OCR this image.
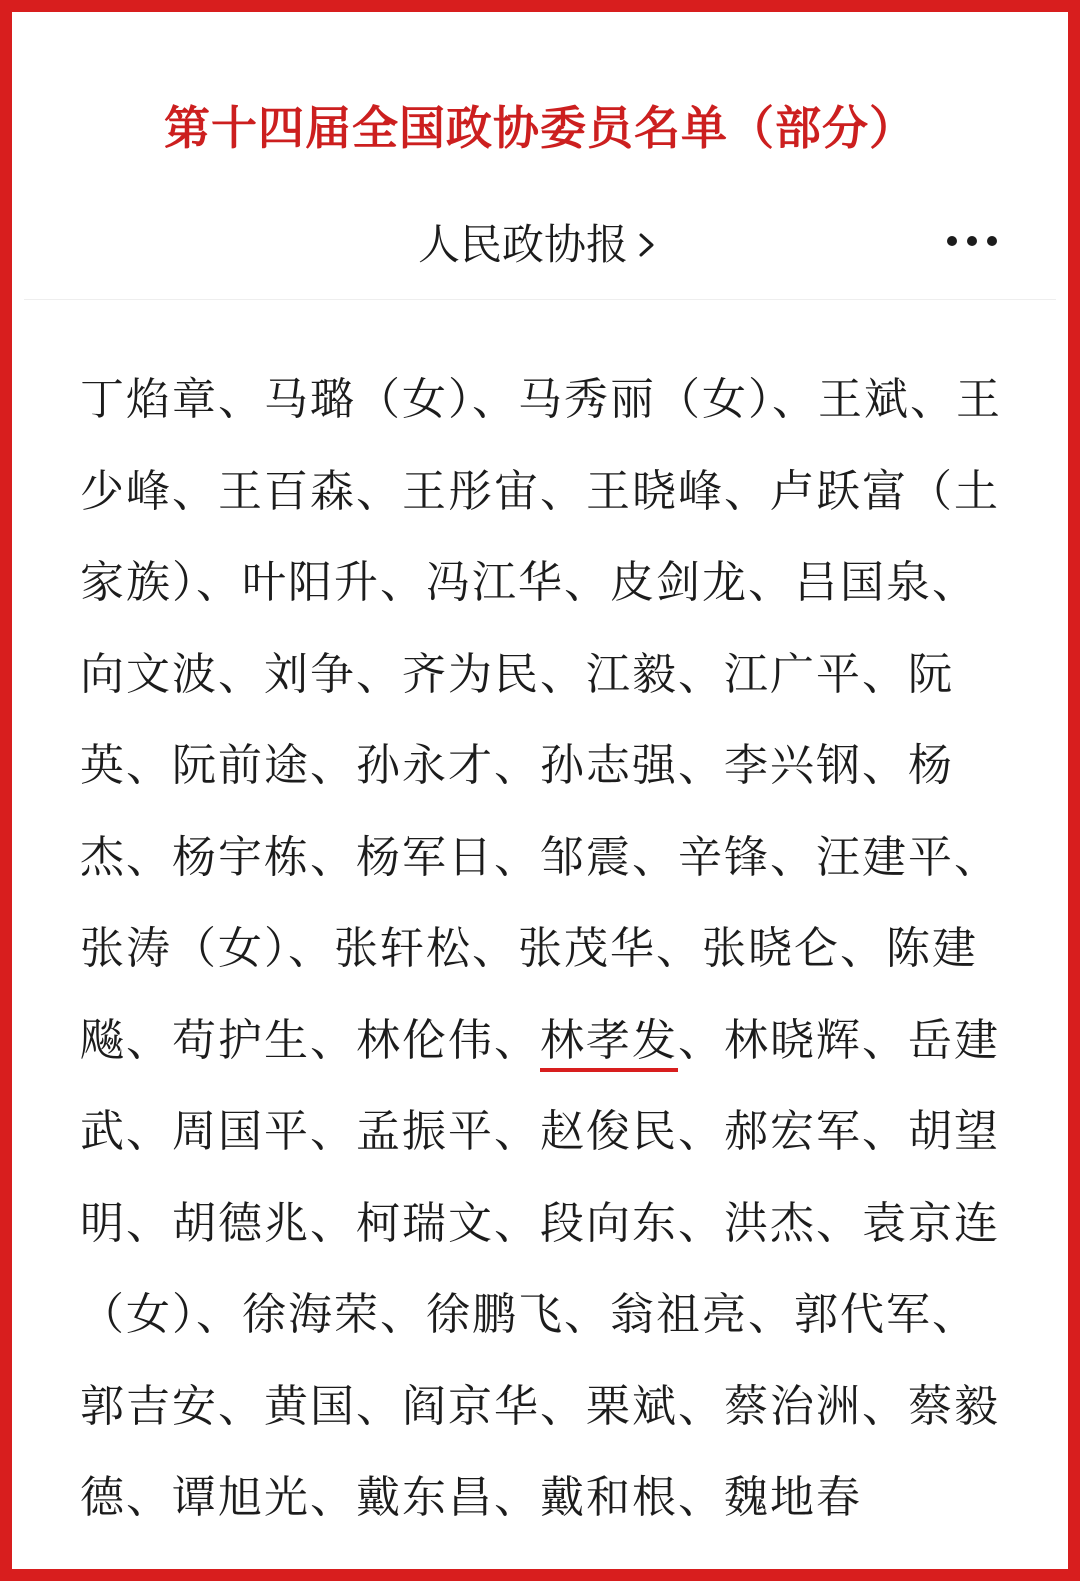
第十四届全国政协委员名单（部分）
人民政协报
丁焰章、马璐（女）、马秀丽（女）、王斌、王少峰、王百森、王彤宙、王晓峰、卢跃富（土家族）、叶阳升、冯江华、皮剑龙、吕国泉、向文波、刘争、齐为民、江毅、江广平、阮英、阮前途、孙永才、孙志强、李兴钢、杨杰、杨宇栋、杨军日、邹震、辛锋、汪建平、张涛（女）、张轩松、张茂华、张晓仑、陈建飚、苟护生、林伦伟、林孝发、林晓辉、岳建武、周国平、孟振平、赵俊民、郝宏军、胡望明、胡德兆、柯瑞文、段向东、洪杰、袁京连（女）、徐海荣、徐鹏飞、翁祖亮、郭代军、郭吉安、黄国、阎京华、栗斌、蔡治洲、蔡毅德、谭旭光、戴东昌、戴和根、魏地春
